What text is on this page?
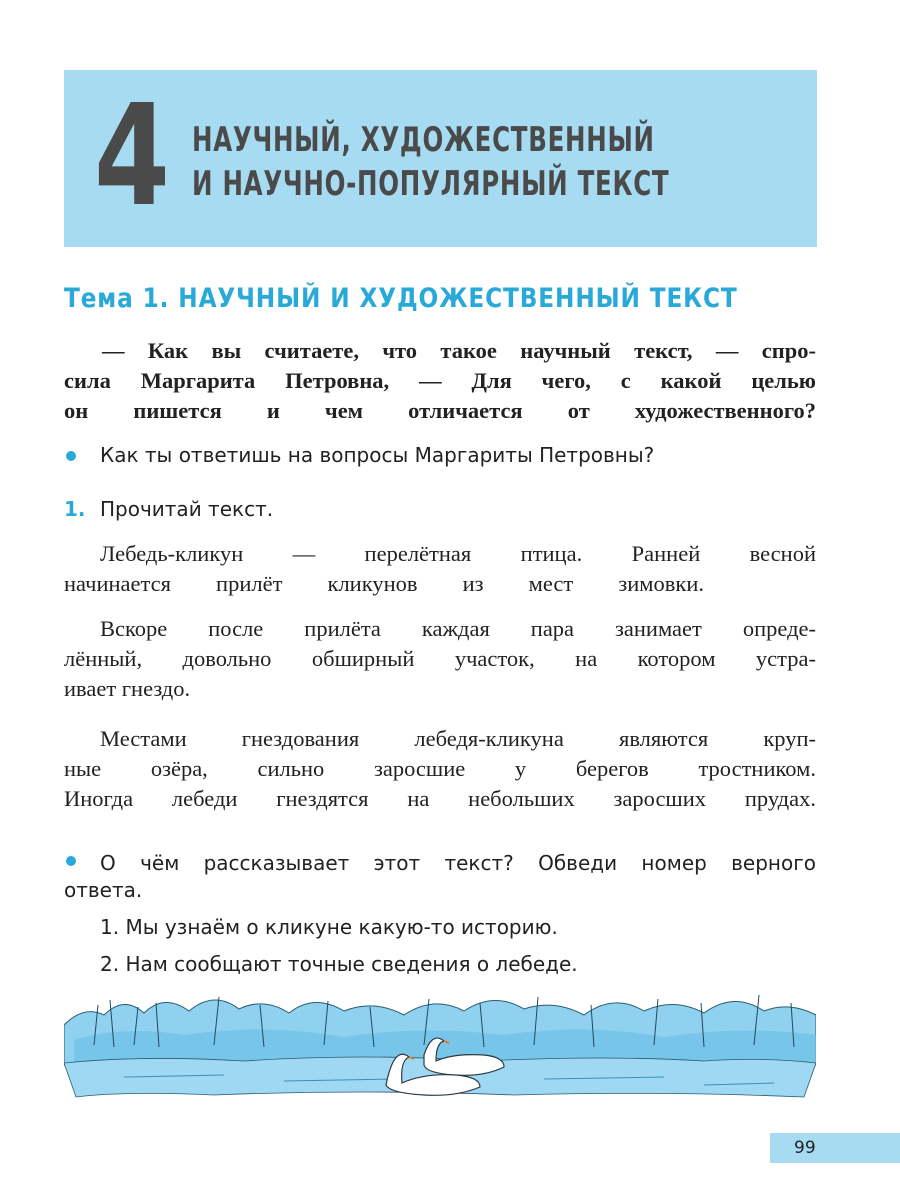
4 НАУЧНЫЙ, ХУДОЖЕСТВЕННЫЙ
И НАУЧНО-ПОПУЛЯРНЫЙ ТЕКСТ
Тема 1. НАУЧНЫЙ И ХУДОЖЕСТВЕННЫЙ ТЕКСТ
— Как вы считаете, что такое научный текст, — спро-
сила Маргарита Петровна, — Для чего, с какой целью
он пишется и чем отличается от художественного?
Как ты ответишь на вопросы Маргариты Петровны?
1. Прочитай текст.
Лебедь-кликун — перелётная птица. Ранней весной
начинается прилёт кликунов из мест зимовки.
Вскоре после прилёта каждая пара занимает опреде-
лённый, довольно обширный участок, на котором устра-
ивает гнездо.
Местами гнездования лебедя-кликуна являются круп-
ные озёра, сильно заросшие у берегов тростником.
Иногда лебеди гнездятся на небольших заросших прудах.
О чём рассказывает этот текст? Обведи номер верного
ответа.
1. Мы узнаём о кликуне какую-то историю.
2. Нам сообщают точные сведения о лебеде.
99
